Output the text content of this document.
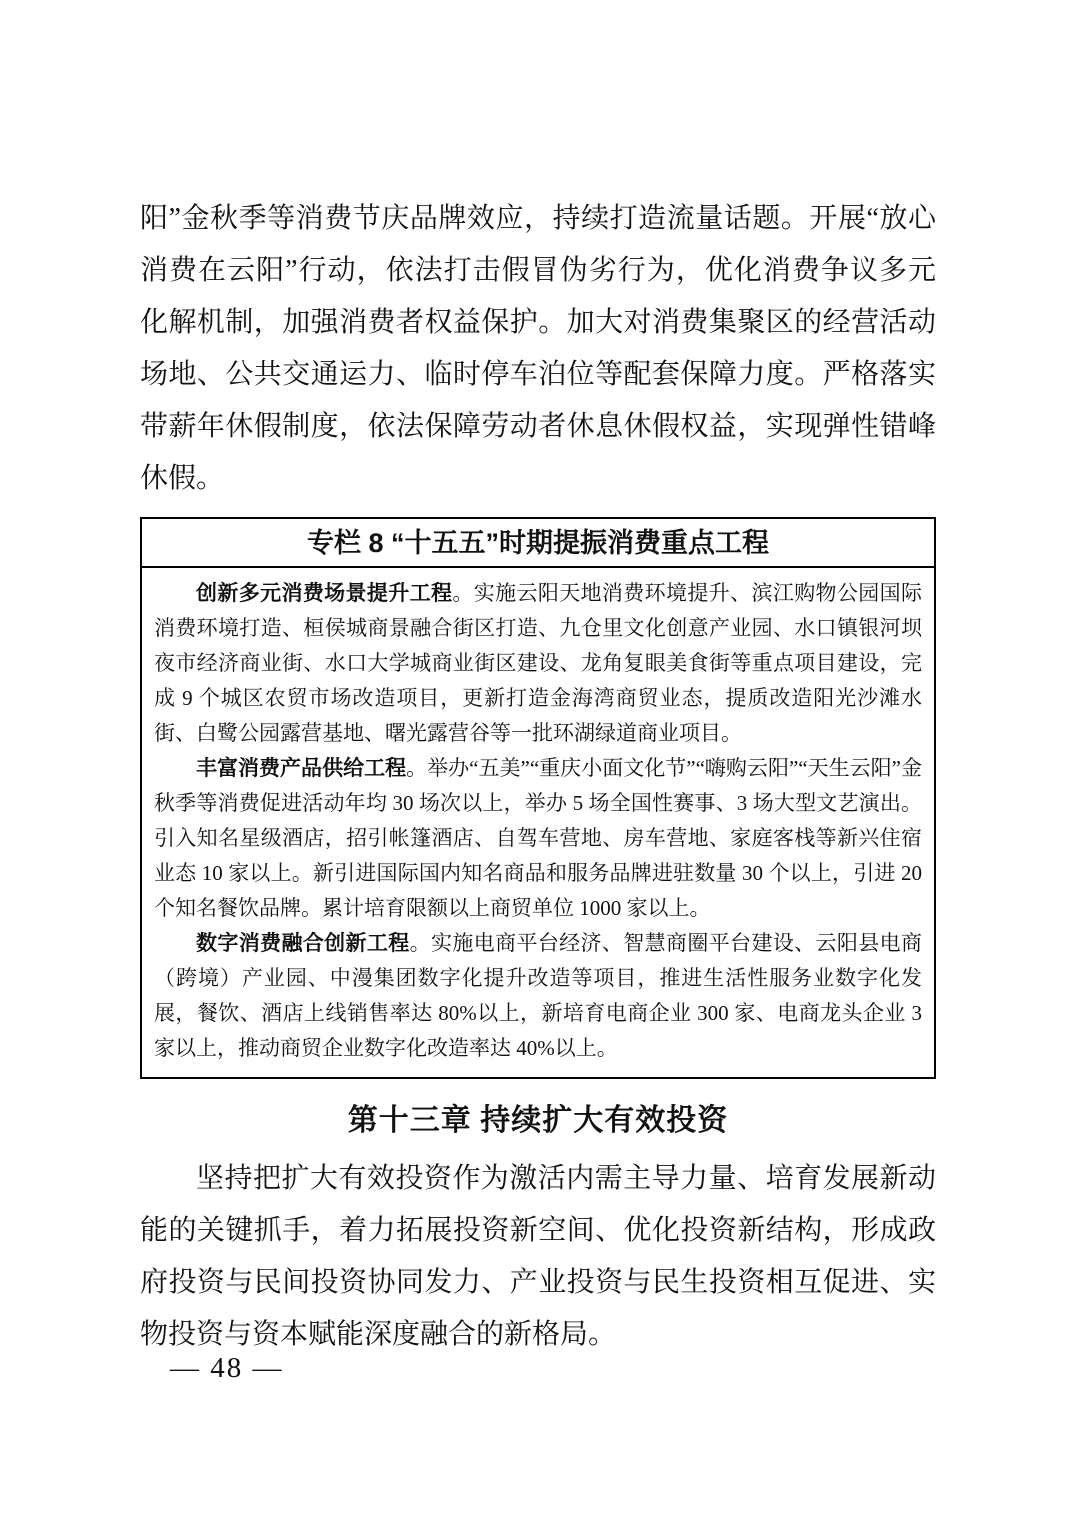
阳”金秋季等消费节庆品牌效应，持续打造流量话题。开展“放心消费在云阳”行动，依法打击假冒伪劣行为，优化消费争议多元化解机制，加强消费者权益保护。加大对消费集聚区的经营活动场地、公共交通运力、临时停车泊位等配套保障力度。严格落实带薪年休假制度，依法保障劳动者休息休假权益，实现弹性错峰休假。

专栏 8 “十五五”时期提振消费重点工程

创新多元消费场景提升工程。实施云阳天地消费环境提升、滨江购物公园国际消费环境打造、桓侯城商景融合街区打造、九仓里文化创意产业园、水口镇银河坝夜市经济商业街、水口大学城商业街区建设、龙角复眼美食街等重点项目建设，完成 9 个城区农贸市场改造项目，更新打造金海湾商贸业态，提质改造阳光沙滩水街、白鹭公园露营基地、曙光露营谷等一批环湖绿道商业项目。

丰富消费产品供给工程。举办“五美”“重庆小面文化节”“嗨购云阳”“天生云阳”金秋季等消费促进活动年均 30 场次以上，举办 5 场全国性赛事、3 场大型文艺演出。引入知名星级酒店，招引帐篷酒店、自驾车营地、房车营地、家庭客栈等新兴住宿业态 10 家以上。新引进国际国内知名商品和服务品牌进驻数量 30 个以上，引进 20 个知名餐饮品牌。累计培育限额以上商贸单位 1000 家以上。

数字消费融合创新工程。实施电商平台经济、智慧商圈平台建设、云阳县电商（跨境）产业园、中漫集团数字化提升改造等项目，推进生活性服务业数字化发展，餐饮、酒店上线销售率达 80%以上，新培育电商企业 300 家、电商龙头企业 3 家以上，推动商贸企业数字化改造率达 40%以上。

第十三章 持续扩大有效投资

坚持把扩大有效投资作为激活内需主导力量、培育发展新动能的关键抓手，着力拓展投资新空间、优化投资新结构，形成政府投资与民间投资协同发力、产业投资与民生投资相互促进、实物投资与资本赋能深度融合的新格局。

— 48 —
